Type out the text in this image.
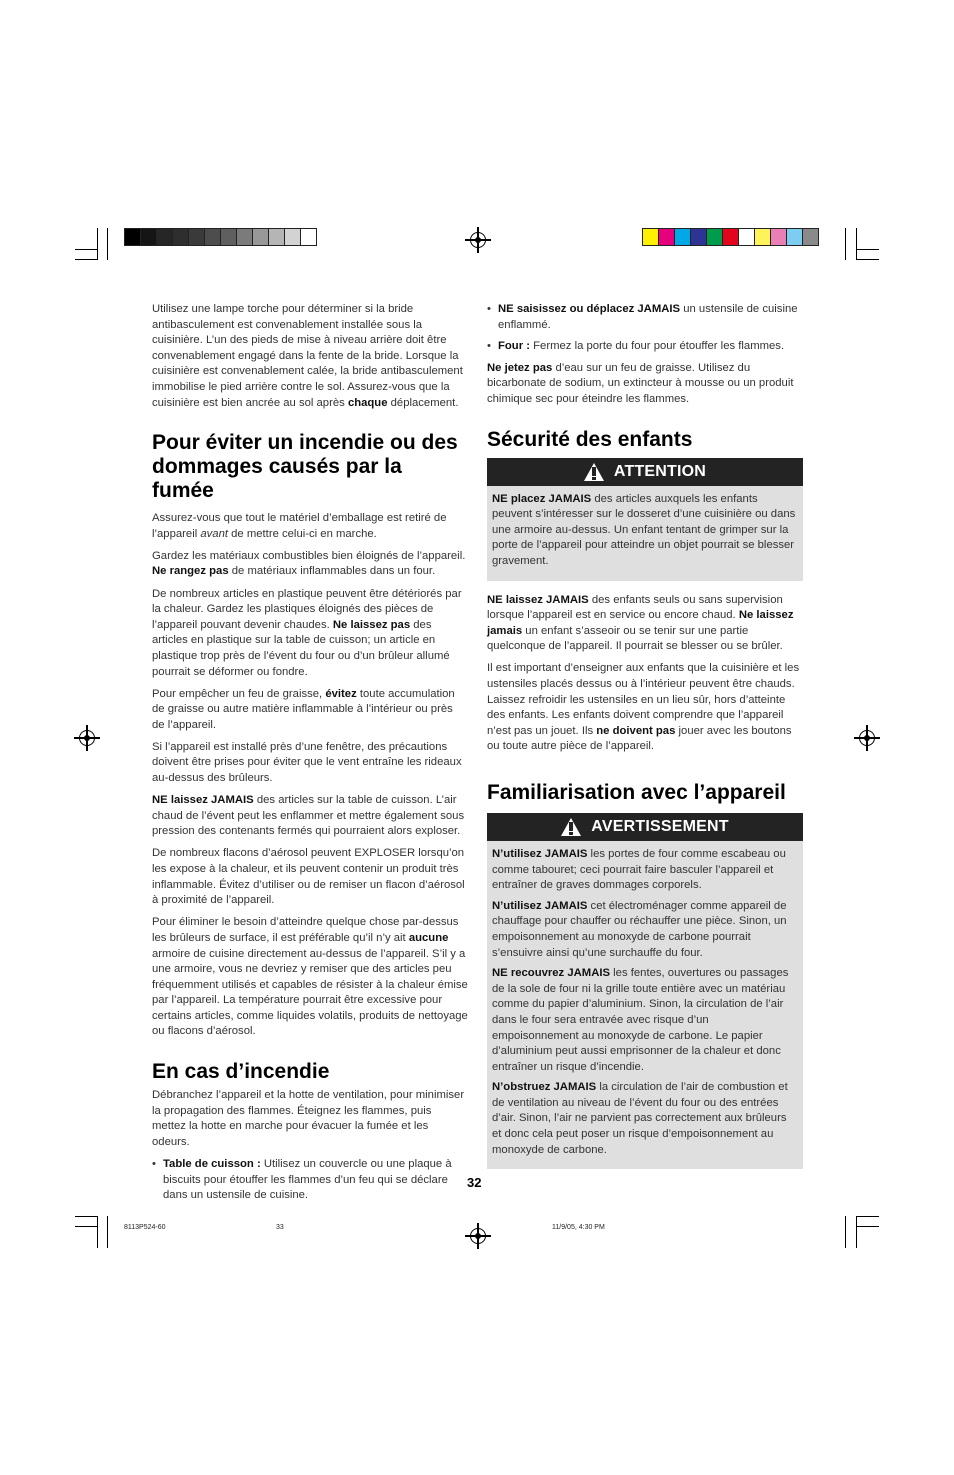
Utilisez une lampe torche pour déterminer si la bride antibasculement est convenablement installée sous la cuisinière. L’un des pieds de mise à niveau arrière doit être convenablement engagé dans la fente de la bride. Lorsque la cuisinière est convenablement calée, la bride antibasculement immobilise le pied arrière contre le sol. Assurez-vous que la cuisinière est bien ancrée au sol après chaque déplacement.

Pour éviter un incendie ou des dommages causés par la fumée

Assurez-vous que tout le matériel d’emballage est retiré de l’appareil avant de mettre celui-ci en marche.

Gardez les matériaux combustibles bien éloignés de l’appareil. Ne rangez pas de matériaux inflammables dans un four.

De nombreux articles en plastique peuvent être détériorés par la chaleur. Gardez les plastiques éloignés des pièces de l’appareil pouvant devenir chaudes. Ne laissez pas des articles en plastique sur la table de cuisson; un article en plastique trop près de l’évent du four ou d’un brûleur allumé pourrait se déformer ou fondre.

Pour empêcher un feu de graisse, évitez toute accumulation de graisse ou autre matière inflammable à l’intérieur ou près de l’appareil.

Si l’appareil est installé près d’une fenêtre, des précautions doivent être prises pour éviter que le vent entraîne les rideaux au-dessus des brûleurs.

NE laissez JAMAIS des articles sur la table de cuisson. L’air chaud de l’évent peut les enflammer et mettre également sous pression des contenants fermés qui pourraient alors exploser.

De nombreux flacons d’aérosol peuvent EXPLOSER lorsqu’on les expose à la chaleur, et ils peuvent contenir un produit très inflammable. Évitez d’utiliser ou de remiser un flacon d’aérosol à proximité de l’appareil.

Pour éliminer le besoin d’atteindre quelque chose par-dessus les brûleurs de surface, il est préférable qu’il n’y ait aucune armoire de cuisine directement au-dessus de l’appareil. S’il y a une armoire, vous ne devriez y remiser que des articles peu fréquemment utilisés et capables de résister à la chaleur émise par l’appareil. La température pourrait être excessive pour certains articles, comme liquides volatils, produits de nettoyage ou flacons d’aérosol.

En cas d’incendie

Débranchez l’appareil et la hotte de ventilation, pour minimiser la propagation des flammes. Éteignez les flammes, puis mettez la hotte en marche pour évacuer la fumée et les odeurs.

• Table de cuisson : Utilisez un couvercle ou une plaque à biscuits pour étouffer les flammes d’un feu qui se déclare dans un ustensile de cuisine.
• NE saisissez ou déplacez JAMAIS un ustensile de cuisine enflammé.
• Four : Fermez la porte du four pour étouffer les flammes.

Ne jetez pas d’eau sur un feu de graisse. Utilisez du bicarbonate de sodium, un extincteur à mousse ou un produit chimique sec pour éteindre les flammes.

Sécurité des enfants
ATTENTION

NE placez JAMAIS des articles auxquels les enfants peuvent s’intéresser sur le dosseret d’une cuisinière ou dans une armoire au-dessus. Un enfant tentant de grimper sur la porte de l’appareil pour atteindre un objet pourrait se blesser gravement.

NE laissez JAMAIS des enfants seuls ou sans supervision lorsque l’appareil est en service ou encore chaud. Ne laissez jamais un enfant s’asseoir ou se tenir sur une partie quelconque de l’appareil. Il pourrait se blesser ou se brûler.

Il est important d’enseigner aux enfants que la cuisinière et les ustensiles placés dessus ou à l’intérieur peuvent être chauds. Laissez refroidir les ustensiles en un lieu sûr, hors d’atteinte des enfants. Les enfants doivent comprendre que l’appareil n’est pas un jouet. Ils ne doivent pas jouer avec les boutons ou toute autre pièce de l’appareil.

Familiarisation avec l’appareil
AVERTISSEMENT

N’utilisez JAMAIS les portes de four comme escabeau ou comme tabouret; ceci pourrait faire basculer l’appareil et entraîner de graves dommages corporels.

N’utilisez JAMAIS cet électroménager comme appareil de chauffage pour chauffer ou réchauffer une pièce. Sinon, un empoisonnement au monoxyde de carbone pourrait s’ensuivre ainsi qu’une surchauffe du four.

NE recouvrez JAMAIS les fentes, ouvertures ou passages de la sole de four ni la grille toute entière avec un matériau comme du papier d’aluminium. Sinon, la circulation de l’air dans le four sera entravée avec risque d’un empoisonnement au monoxyde de carbone. Le papier d’aluminium peut aussi emprisonner de la chaleur et donc entraîner un risque d’incendie.

N’obstruez JAMAIS la circulation de l’air de combustion et de ventilation au niveau de l’évent du four ou des entrées d’air. Sinon, l’air ne parvient pas correctement aux brûleurs et donc cela peut poser un risque d’empoisonnement au monoxyde de carbone.

32
8113P524-60	33	11/9/05, 4:30 PM
